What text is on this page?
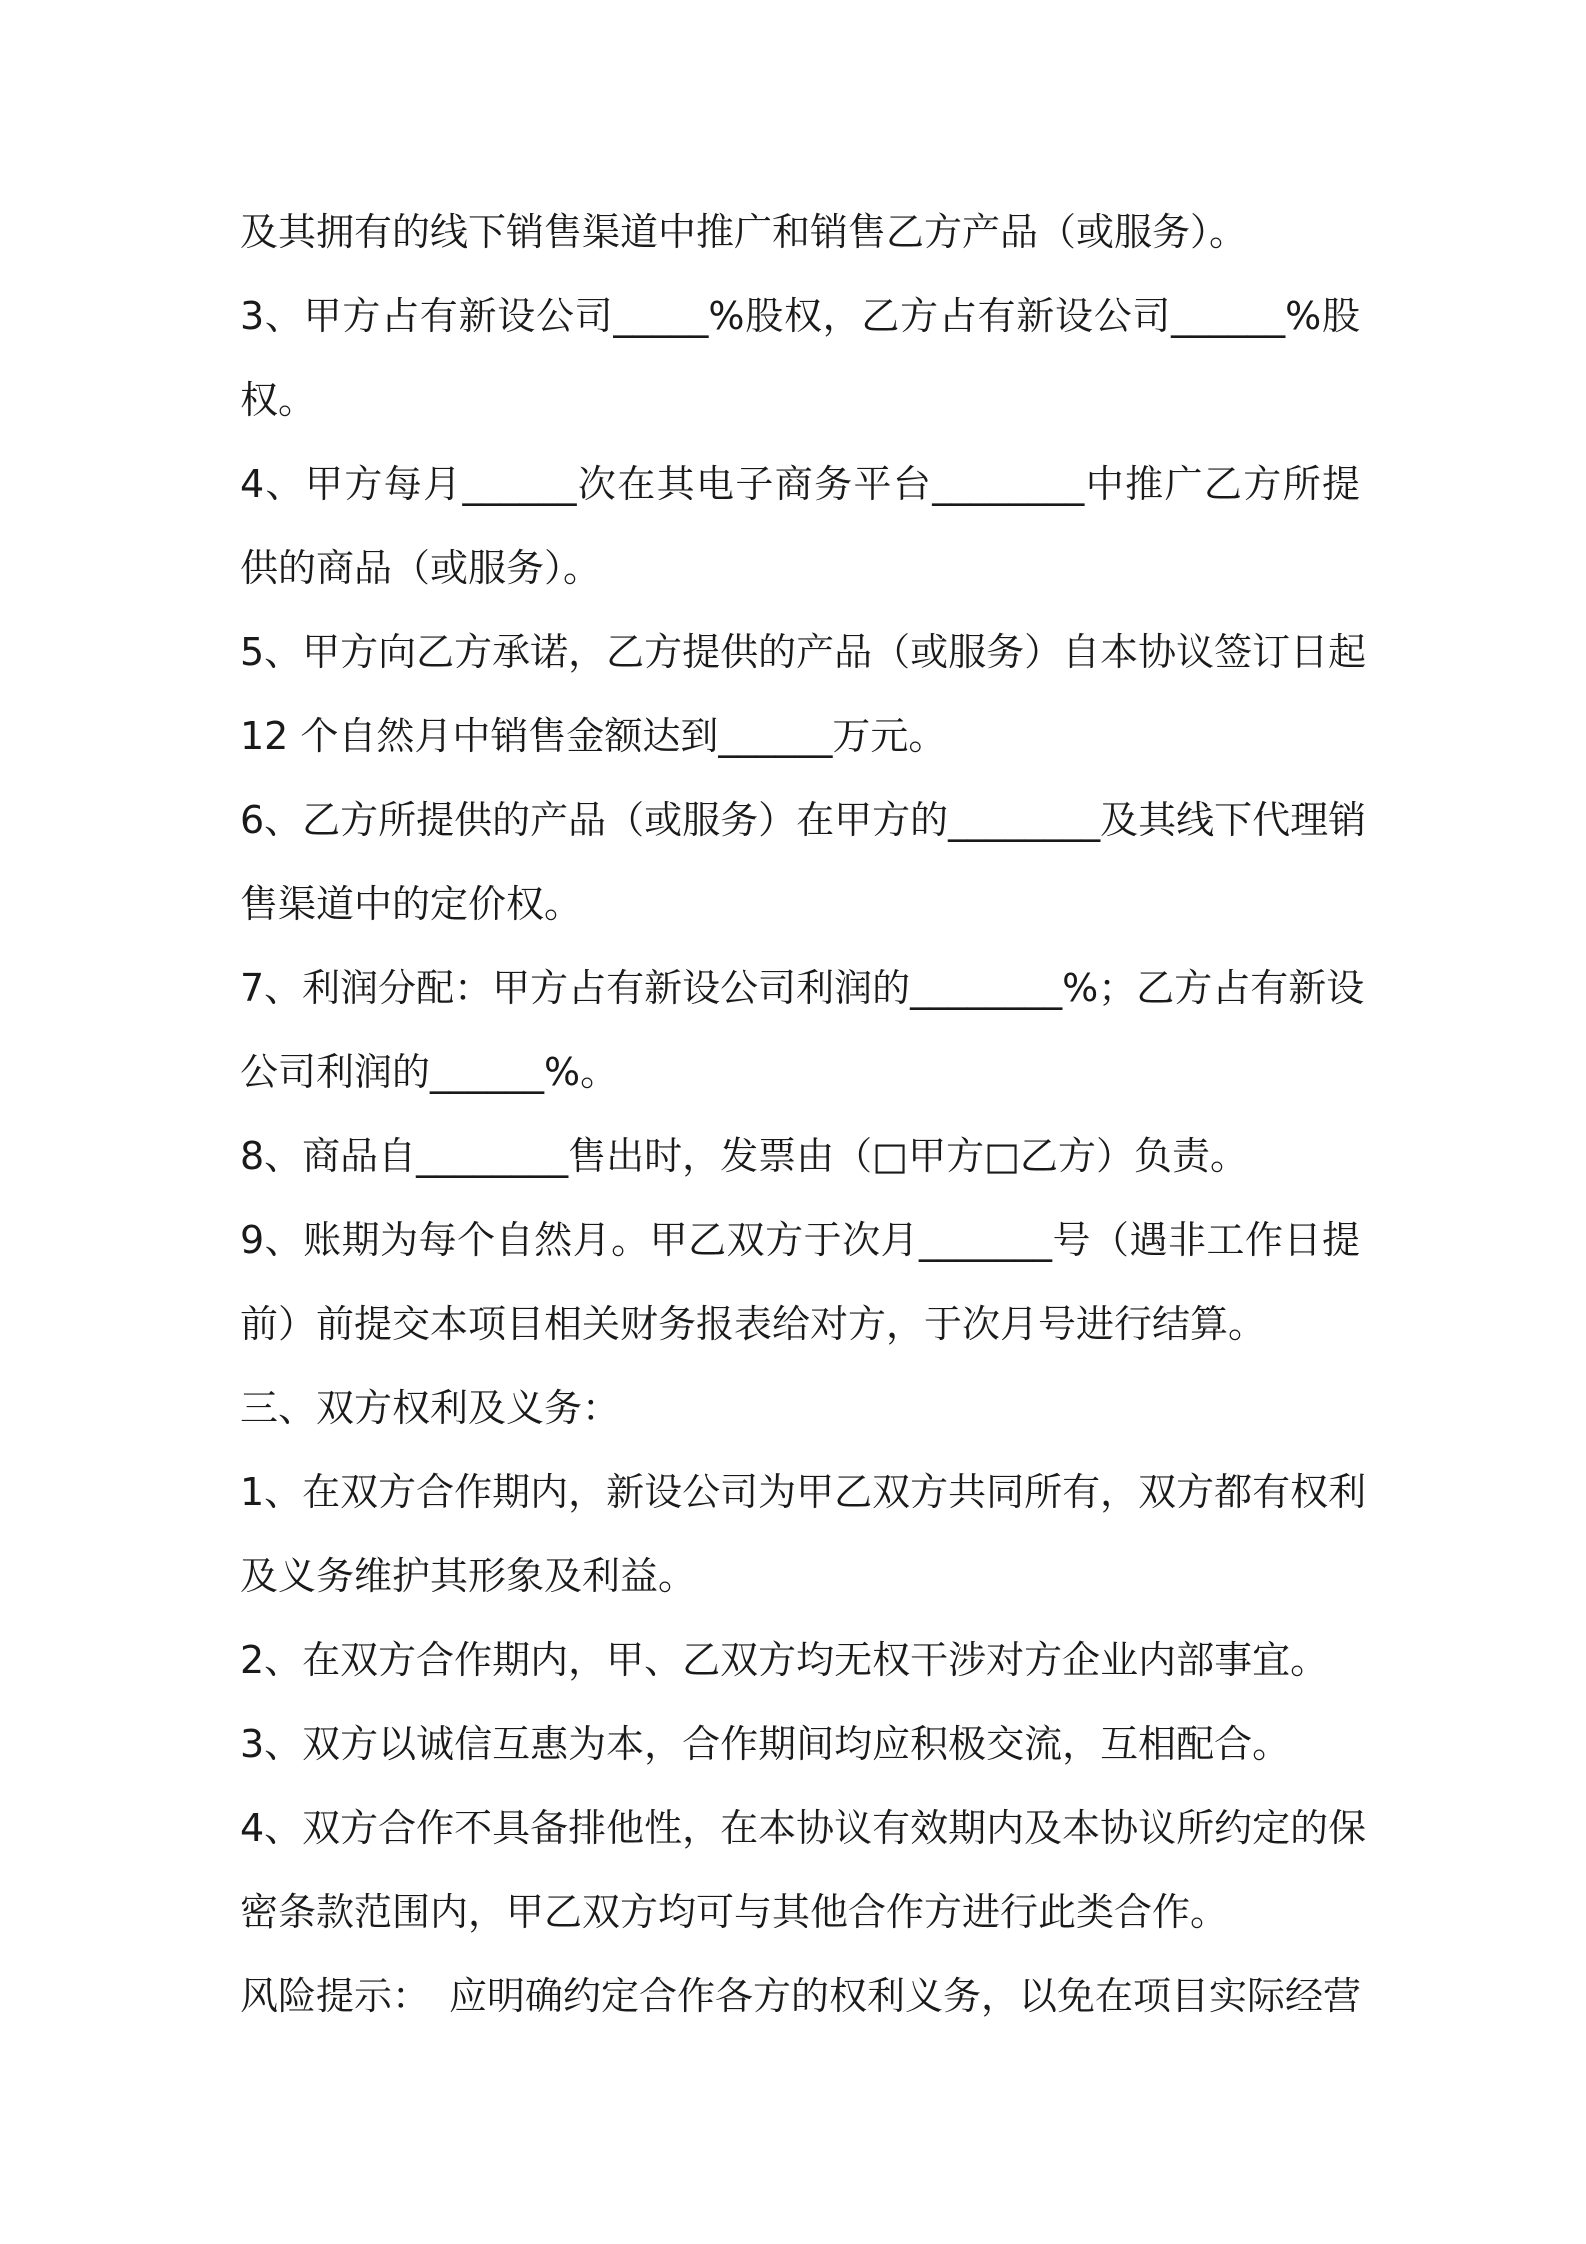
及其拥有的线下销售渠道中推广和销售乙方产品（或服务）。
3、甲方占有新设公司_____%股权，乙方占有新设公司______%股
权。
4、甲方每月______次在其电子商务平台________中推广乙方所提
供的商品（或服务）。
5、甲方向乙方承诺，乙方提供的产品（或服务）自本协议签订日起
12 个自然月中销售金额达到______万元。
6、乙方所提供的产品（或服务）在甲方的________及其线下代理销
售渠道中的定价权。
7、利润分配：甲方占有新设公司利润的________%；乙方占有新设
公司利润的______%。
8、商品自________售出时，发票由（□甲方□乙方）负责。
9、账期为每个自然月。甲乙双方于次月_______号（遇非工作日提
前）前提交本项目相关财务报表给对方，于次月号进行结算。
三、双方权利及义务：
1、在双方合作期内，新设公司为甲乙双方共同所有，双方都有权利
及义务维护其形象及利益。
2、在双方合作期内，甲、乙双方均无权干涉对方企业内部事宜。
3、双方以诚信互惠为本，合作期间均应积极交流，互相配合。
4、双方合作不具备排他性，在本协议有效期内及本协议所约定的保
密条款范围内，甲乙双方均可与其他合作方进行此类合作。
风险提示：　应明确约定合作各方的权利义务，以免在项目实际经营
